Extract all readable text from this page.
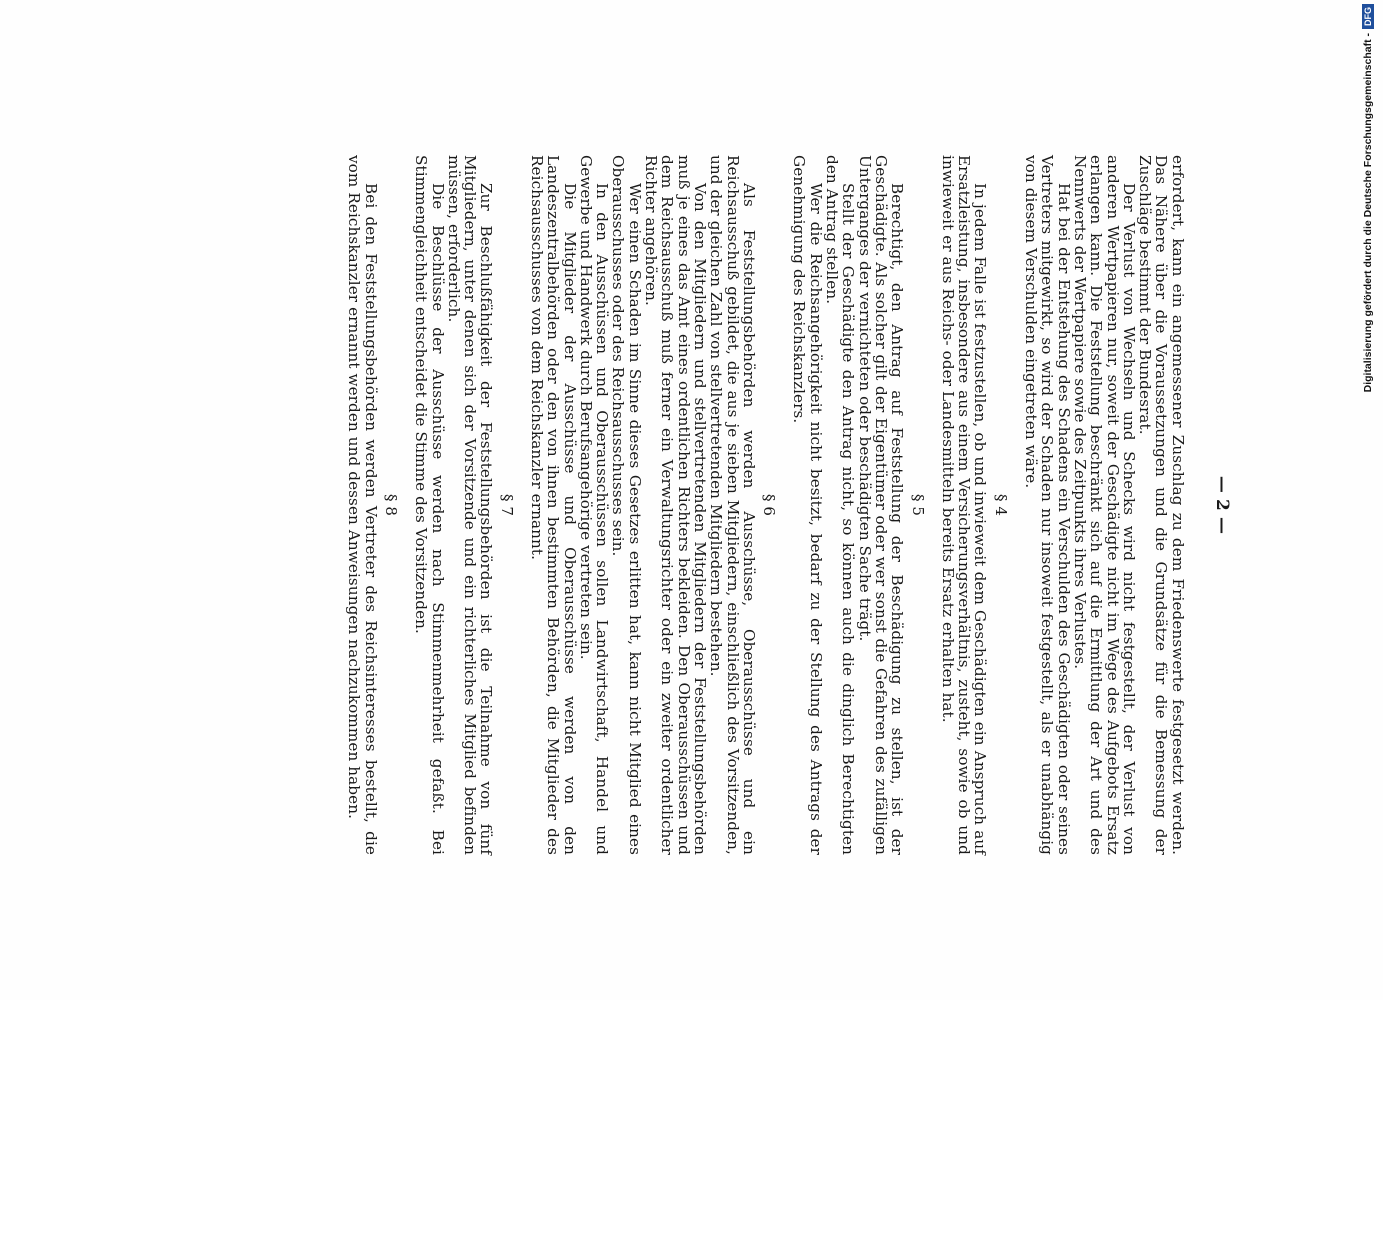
— 2 —

erfordert, kann ein angemessener Zuschlag zu dem Friedenswerte festgesetzt werden. Das Nähere über die Voraussetzungen und die Grundsätze für die Bemessung der Zuschläge bestimmt der Bundesrat.

Der Verlust von Wechseln und Schecks wird nicht festgestellt, der Verlust von anderen Wertpapieren nur, soweit der Geschädigte nicht im Wege des Aufgebots Ersatz erlangen kann. Die Feststellung beschränkt sich auf die Ermittlung der Art und des Nennwerts der Wertpapiere sowie des Zeitpunkts ihres Verlustes.

Hat bei der Entstehung des Schadens ein Verschulden des Geschädigten oder seines Vertreters mitgewirkt, so wird der Schaden nur insoweit festgestellt, als er unabhängig von diesem Verschulden eingetreten wäre.

§ 4

In jedem Falle ist festzustellen, ob und inwieweit dem Geschädigten ein Anspruch auf Ersatzleistung, insbesondere aus einem Versicherungsverhältnis, zusteht, sowie ob und inwieweit er aus Reichs- oder Landesmitteln bereits Ersatz erhalten hat.

§ 5

Berechtigt, den Antrag auf Feststellung der Beschädigung zu stellen, ist der Geschädigte. Als solcher gilt der Eigentümer oder wer sonst die Gefahren des zufälligen Unterganges der vernichteten oder beschädigten Sache trägt.

Stellt der Geschädigte den Antrag nicht, so können auch die dinglich Berechtigten den Antrag stellen.

Wer die Reichsangehörigkeit nicht besitzt, bedarf zu der Stellung des Antrags der Genehmigung des Reichskanzlers.

§ 6

Als Feststellungsbehörden werden Ausschüsse, Oberausschüsse und ein Reichsausschuß gebildet, die aus je sieben Mitgliedern, einschließlich des Vorsitzenden, und der gleichen Zahl von stellvertretenden Mitgliedern bestehen.

Von den Mitgliedern und stellvertretenden Mitgliedern der Feststellungsbehörden muß je eines das Amt eines ordentlichen Richters bekleiden. Den Oberausschüssen und dem Reichsausschuß muß ferner ein Verwaltungsrichter oder ein zweiter ordentlicher Richter angehören.

Wer einen Schaden im Sinne dieses Gesetzes erlitten hat, kann nicht Mitglied eines Oberausschusses oder des Reichsausschusses sein.

In den Ausschüssen und Oberausschüssen sollen Landwirtschaft, Handel und Gewerbe und Handwerk durch Berufsangehörige vertreten sein.

Die Mitglieder der Ausschüsse und Oberausschüsse werden von den Landeszentralbehörden oder den von ihnen bestimmten Behörden, die Mitglieder des Reichsausschusses von dem Reichskanzler ernannt.

§ 7

Zur Beschlußfähigkeit der Feststellungsbehörden ist die Teilnahme von fünf Mitgliedern, unter denen sich der Vorsitzende und ein richterliches Mitglied befinden müssen, erforderlich.

Die Beschlüsse der Ausschüsse werden nach Stimmenmehrheit gefaßt. Bei Stimmengleichheit entscheidet die Stimme des Vorsitzenden.

§ 8

Bei den Feststellungsbehörden werden Vertreter des Reichsinteresses bestellt, die vom Reichskanzler ernannt werden und dessen Anweisungen nachzukommen haben.	Digitalisierung gefördert durch die Deutsche Forschungsgemeinschaft -
DFG
